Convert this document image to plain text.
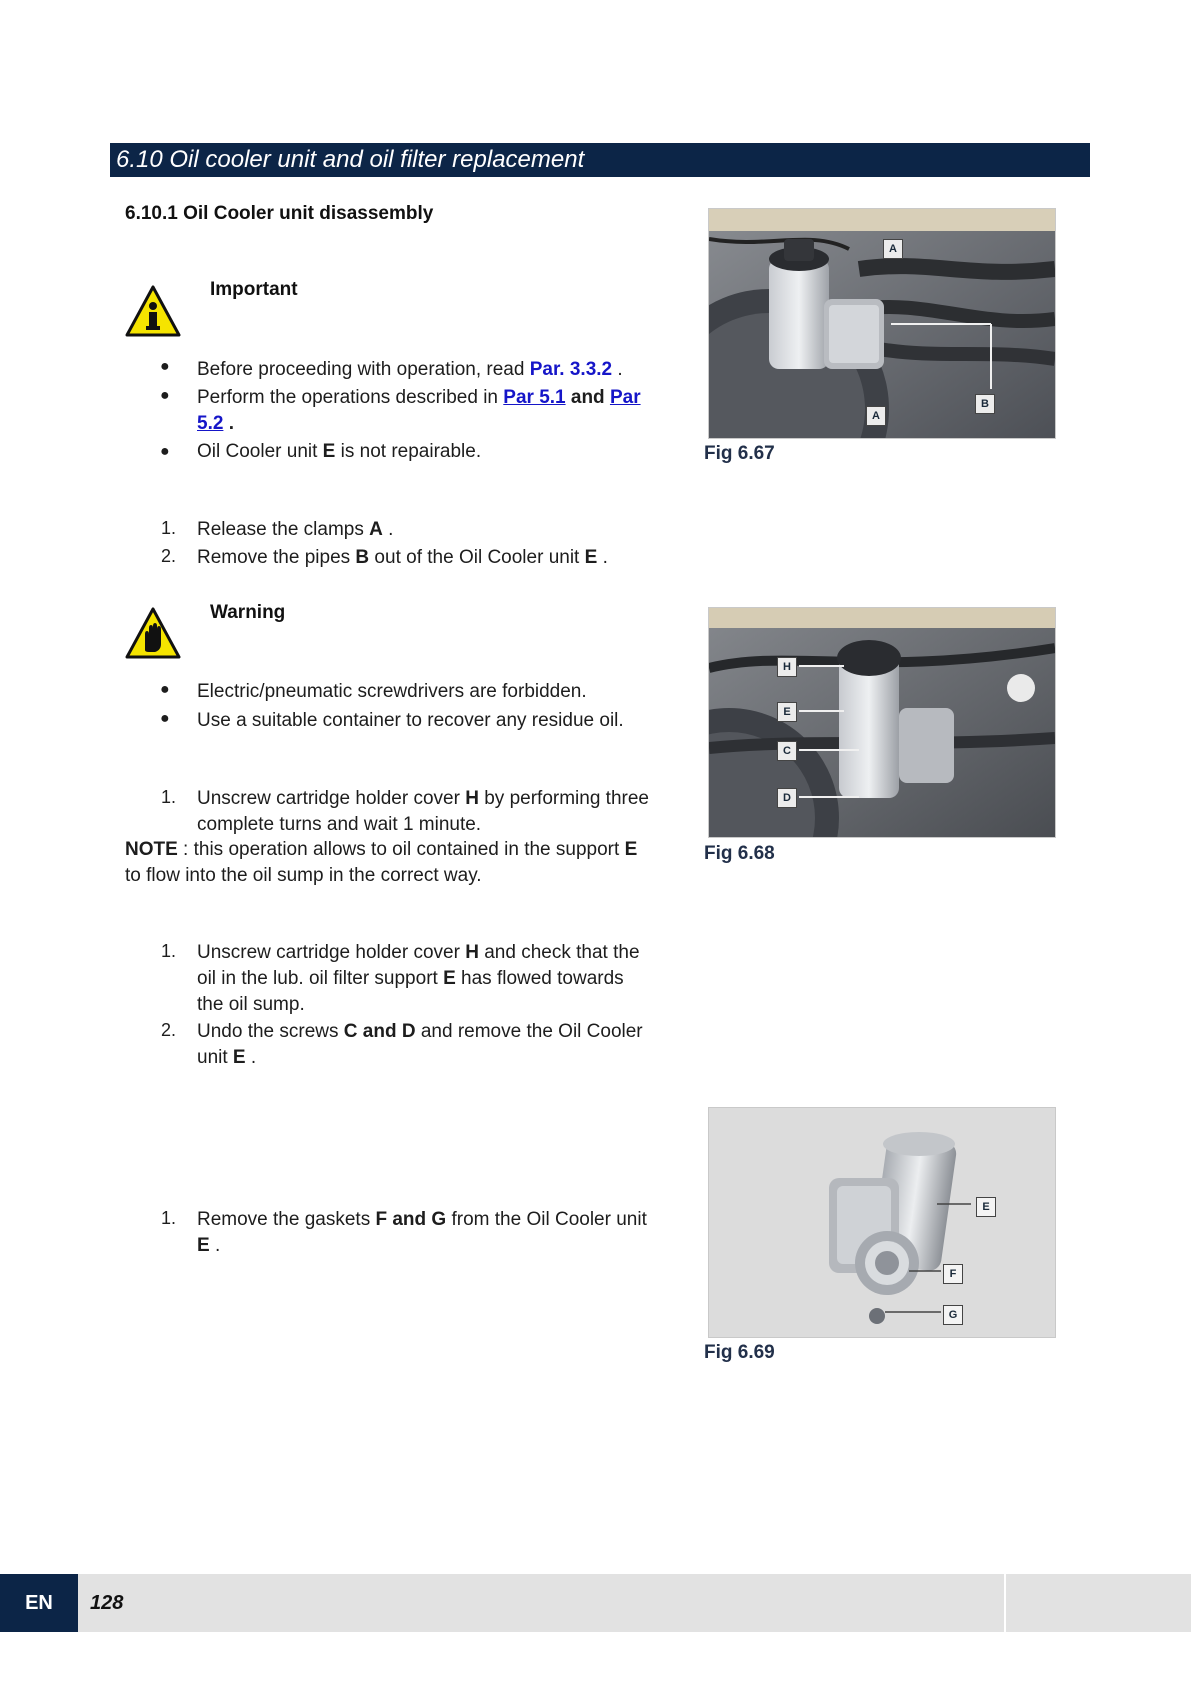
6.10 Oil cooler unit and oil filter replacement
6.10.1 Oil Cooler unit disassembly
Important
● Before proceeding with operation, read Par. 3.3.2 .
● Perform the operations described in Par 5.1 and Par
5.2 .
● Oil Cooler unit E is not repairable.
1. Release the clamps A .
2. Remove the pipes B out of the Oil Cooler unit E .
Warning
● Electric/pneumatic screwdrivers are forbidden.
● Use a suitable container to recover any residue oil.
1. Unscrew cartridge holder cover H by performing three
complete turns and wait 1 minute.
NOTE : this operation allows to oil contained in the support E
to flow into the oil sump in the correct way.
1. Unscrew cartridge holder cover H and check that the
oil in the lub. oil filter support E has flowed towards
the oil sump.
2. Undo the screws C and D and remove the Oil Cooler
unit E .
1. Remove the gaskets F and G from the Oil Cooler unit
E .
A
A
B
Fig 6.67
H
E
C
D
Fig 6.68
E
F
G
Fig 6.69
EN	128
